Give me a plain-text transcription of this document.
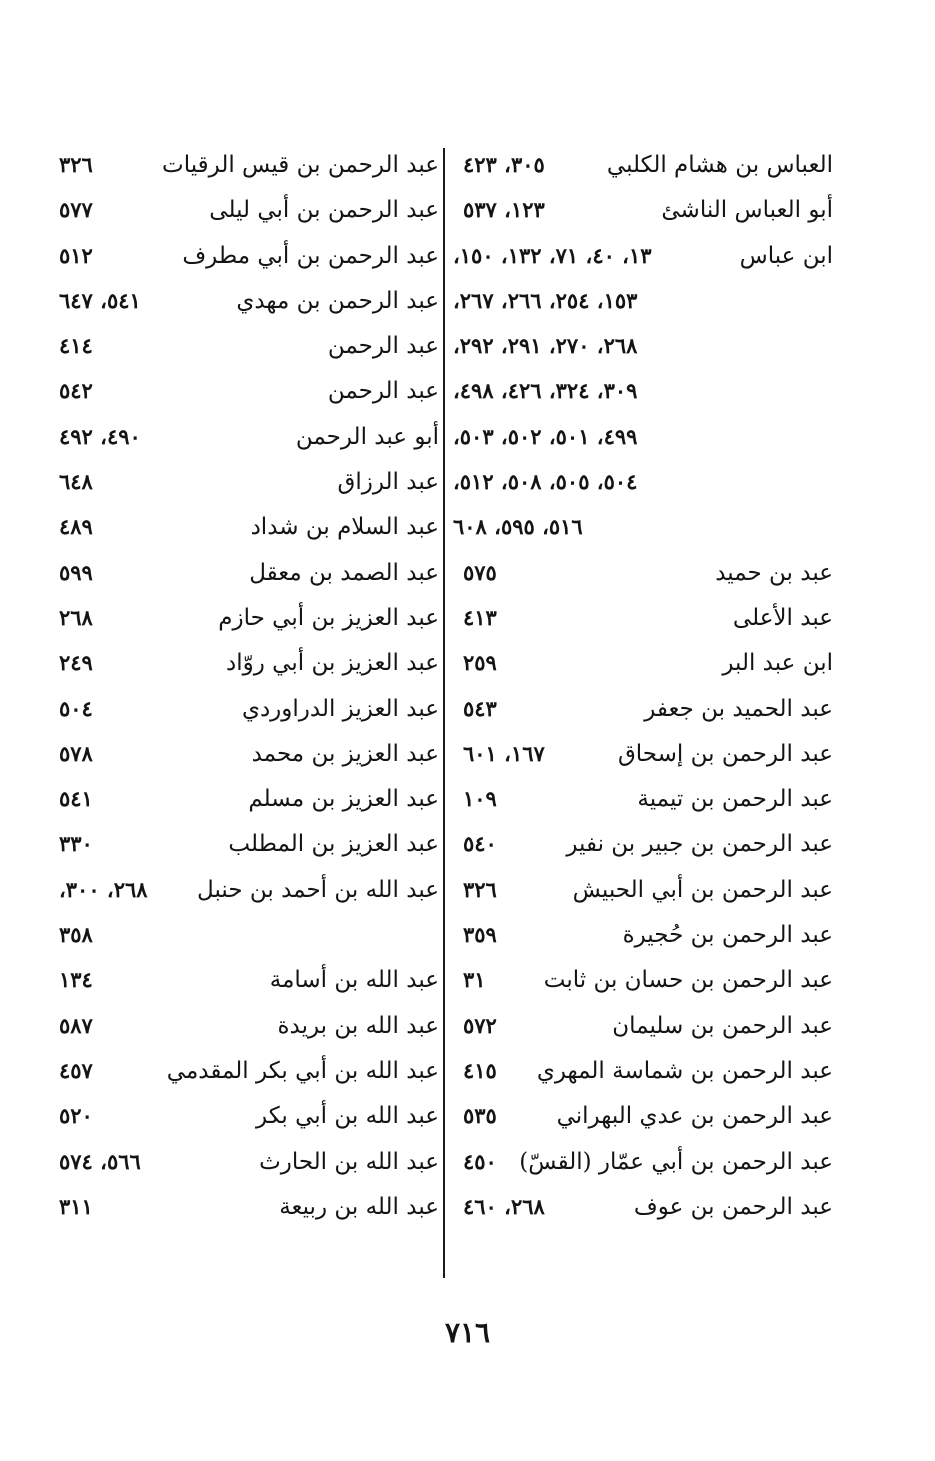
العباس بن هشام الكلبي
٣٠٥، ٤٢٣
أبو العباس الناشئ
١٢٣، ٥٣٧
ابن عباس
١٣، ٤٠، ٧١، ١٣٢، ١٥٠،
١٥٣، ٢٥٤، ٢٦٦، ٢٦٧،
٢٦٨، ٢٧٠، ٢٩١، ٢٩٢،
٣٠٩، ٣٢٤، ٤٢٦، ٤٩٨،
٤٩٩، ٥٠١، ٥٠٢، ٥٠٣،
٥٠٤، ٥٠٥، ٥٠٨، ٥١٢،
٥١٦، ٥٩٥، ٦٠٨
عبد بن حميد
٥٧٥
عبد الأعلى
٤١٣
ابن عبد البر
٢٥٩
عبد الحميد بن جعفر
٥٤٣
عبد الرحمن بن إسحاق
١٦٧، ٦٠١
عبد الرحمن بن تيمية
١٠٩
عبد الرحمن بن جبير بن نفير
٥٤٠
عبد الرحمن بن أبي الحبيش
٣٢٦
عبد الرحمن بن حُجيرة
٣٥٩
عبد الرحمن بن حسان بن ثابت
٣١
عبد الرحمن بن سليمان
٥٧٢
عبد الرحمن بن شماسة المهري
٤١٥
عبد الرحمن بن عدي البهراني
٥٣٥
عبد الرحمن بن أبي عمّار (القسّ)
٤٥٠
عبد الرحمن بن عوف
٢٦٨، ٤٦٠
عبد الرحمن بن قيس الرقيات
٣٢٦
عبد الرحمن بن أبي ليلى
٥٧٧
عبد الرحمن بن أبي مطرف
٥١٢
عبد الرحمن بن مهدي
٥٤١، ٦٤٧
عبد الرحمن
٤١٤
عبد الرحمن
٥٤٢
أبو عبد الرحمن
٤٩٠، ٤٩٢
عبد الرزاق
٦٤٨
عبد السلام بن شداد
٤٨٩
عبد الصمد بن معقل
٥٩٩
عبد العزيز بن أبي حازم
٢٦٨
عبد العزيز بن أبي روّاد
٢٤٩
عبد العزيز الدراوردي
٥٠٤
عبد العزيز بن محمد
٥٧٨
عبد العزيز بن مسلم
٥٤١
عبد العزيز بن المطلب
٣٣٠
عبد الله بن أحمد بن حنبل
٢٦٨، ٣٠٠،
٣٥٨
عبد الله بن أسامة
١٣٤
عبد الله بن بريدة
٥٨٧
عبد الله بن أبي بكر المقدمي
٤٥٧
عبد الله بن أبي بكر
٥٢٠
عبد الله بن الحارث
٥٦٦، ٥٧٤
عبد الله بن ربيعة
٣١١
٧١٦
